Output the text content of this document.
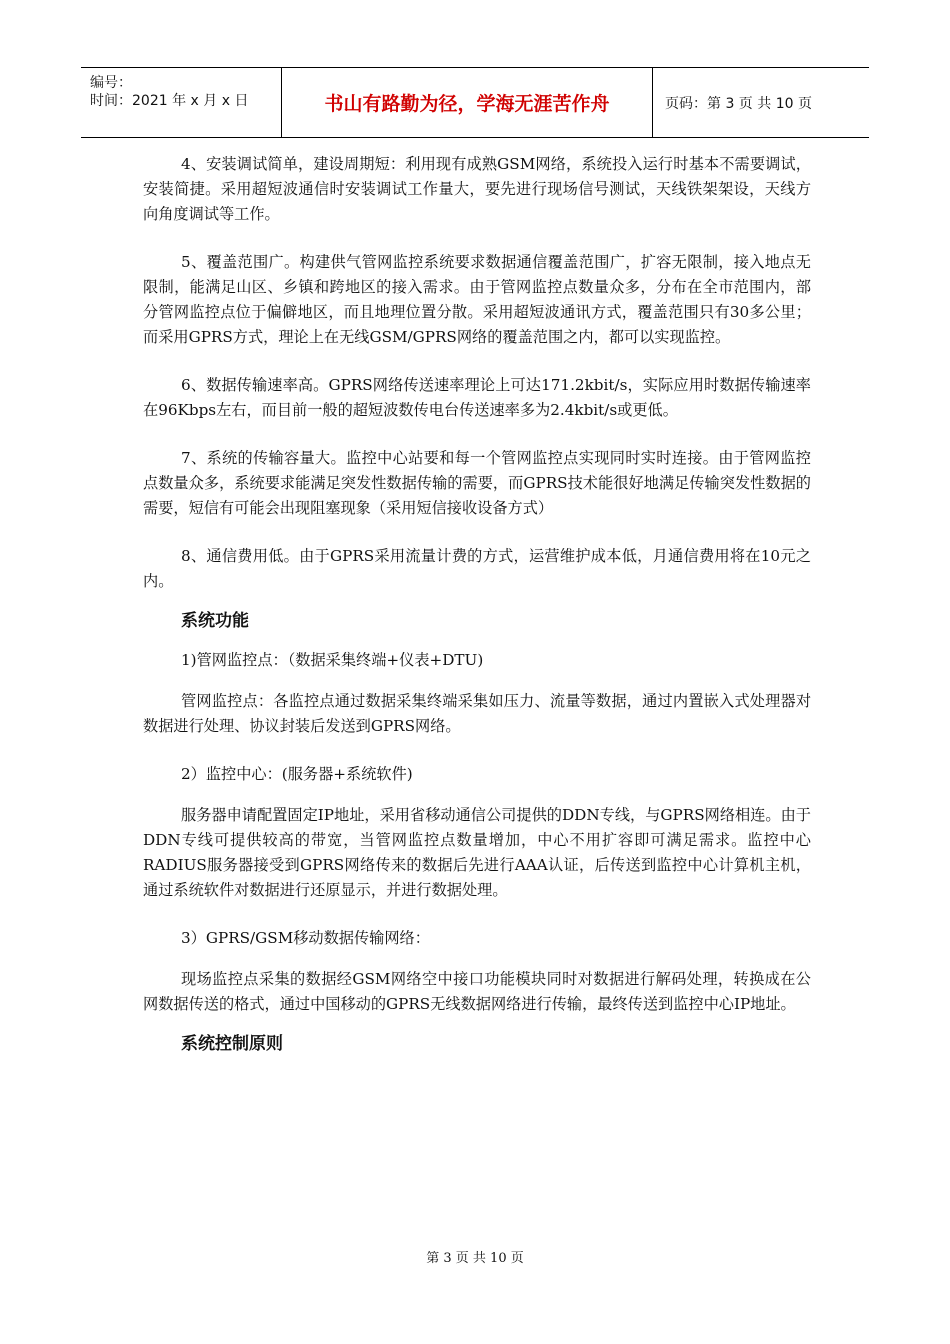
编号：
时间：2021 年 x 月 x 日	书山有路勤为径，学海无涯苦作舟	页码：第 3 页 共 10 页

4、安装调试简单，建设周期短：利用现有成熟GSM网络，系统投入运行时基本不需要调试，安装简捷。采用超短波通信时安装调试工作量大，要先进行现场信号测试，天线铁架架设，天线方向角度调试等工作。

5、覆盖范围广。构建供气管网监控系统要求数据通信覆盖范围广，扩容无限制，接入地点无限制，能满足山区、乡镇和跨地区的接入需求。由于管网监控点数量众多，分布在全市范围内，部分管网监控点位于偏僻地区，而且地理位置分散。采用超短波通讯方式，覆盖范围只有30多公里；而采用GPRS方式，理论上在无线GSM/GPRS网络的覆盖范围之内，都可以实现监控。

6、数据传输速率高。GPRS网络传送速率理论上可达171.2kbit/s，实际应用时数据传输速率在96Kbps左右，而目前一般的超短波数传电台传送速率多为2.4kbit/s或更低。

7、系统的传输容量大。监控中心站要和每一个管网监控点实现同时实时连接。由于管网监控点数量众多，系统要求能满足突发性数据传输的需要，而GPRS技术能很好地满足传输突发性数据的需要，短信有可能会出现阻塞现象（采用短信接收设备方式）

8、通信费用低。由于GPRS采用流量计费的方式，运营维护成本低，月通信费用将在10元之内。

系统功能

1)管网监控点：（数据采集终端+仪表+DTU)

管网监控点：各监控点通过数据采集终端采集如压力、流量等数据，通过内置嵌入式处理器对数据进行处理、协议封装后发送到GPRS网络。

2）监控中心：(服务器+系统软件)

服务器申请配置固定IP地址，采用省移动通信公司提供的DDN专线，与GPRS网络相连。由于DDN专线可提供较高的带宽，当管网监控点数量增加，中心不用扩容即可满足需求。监控中心RADIUS服务器接受到GPRS网络传来的数据后先进行AAA认证，后传送到监控中心计算机主机，通过系统软件对数据进行还原显示，并进行数据处理。

3）GPRS/GSM移动数据传输网络：

现场监控点采集的数据经GSM网络空中接口功能模块同时对数据进行解码处理，转换成在公网数据传送的格式，通过中国移动的GPRS无线数据网络进行传输，最终传送到监控中心IP地址。

系统控制原则
第 3 页 共 10 页
